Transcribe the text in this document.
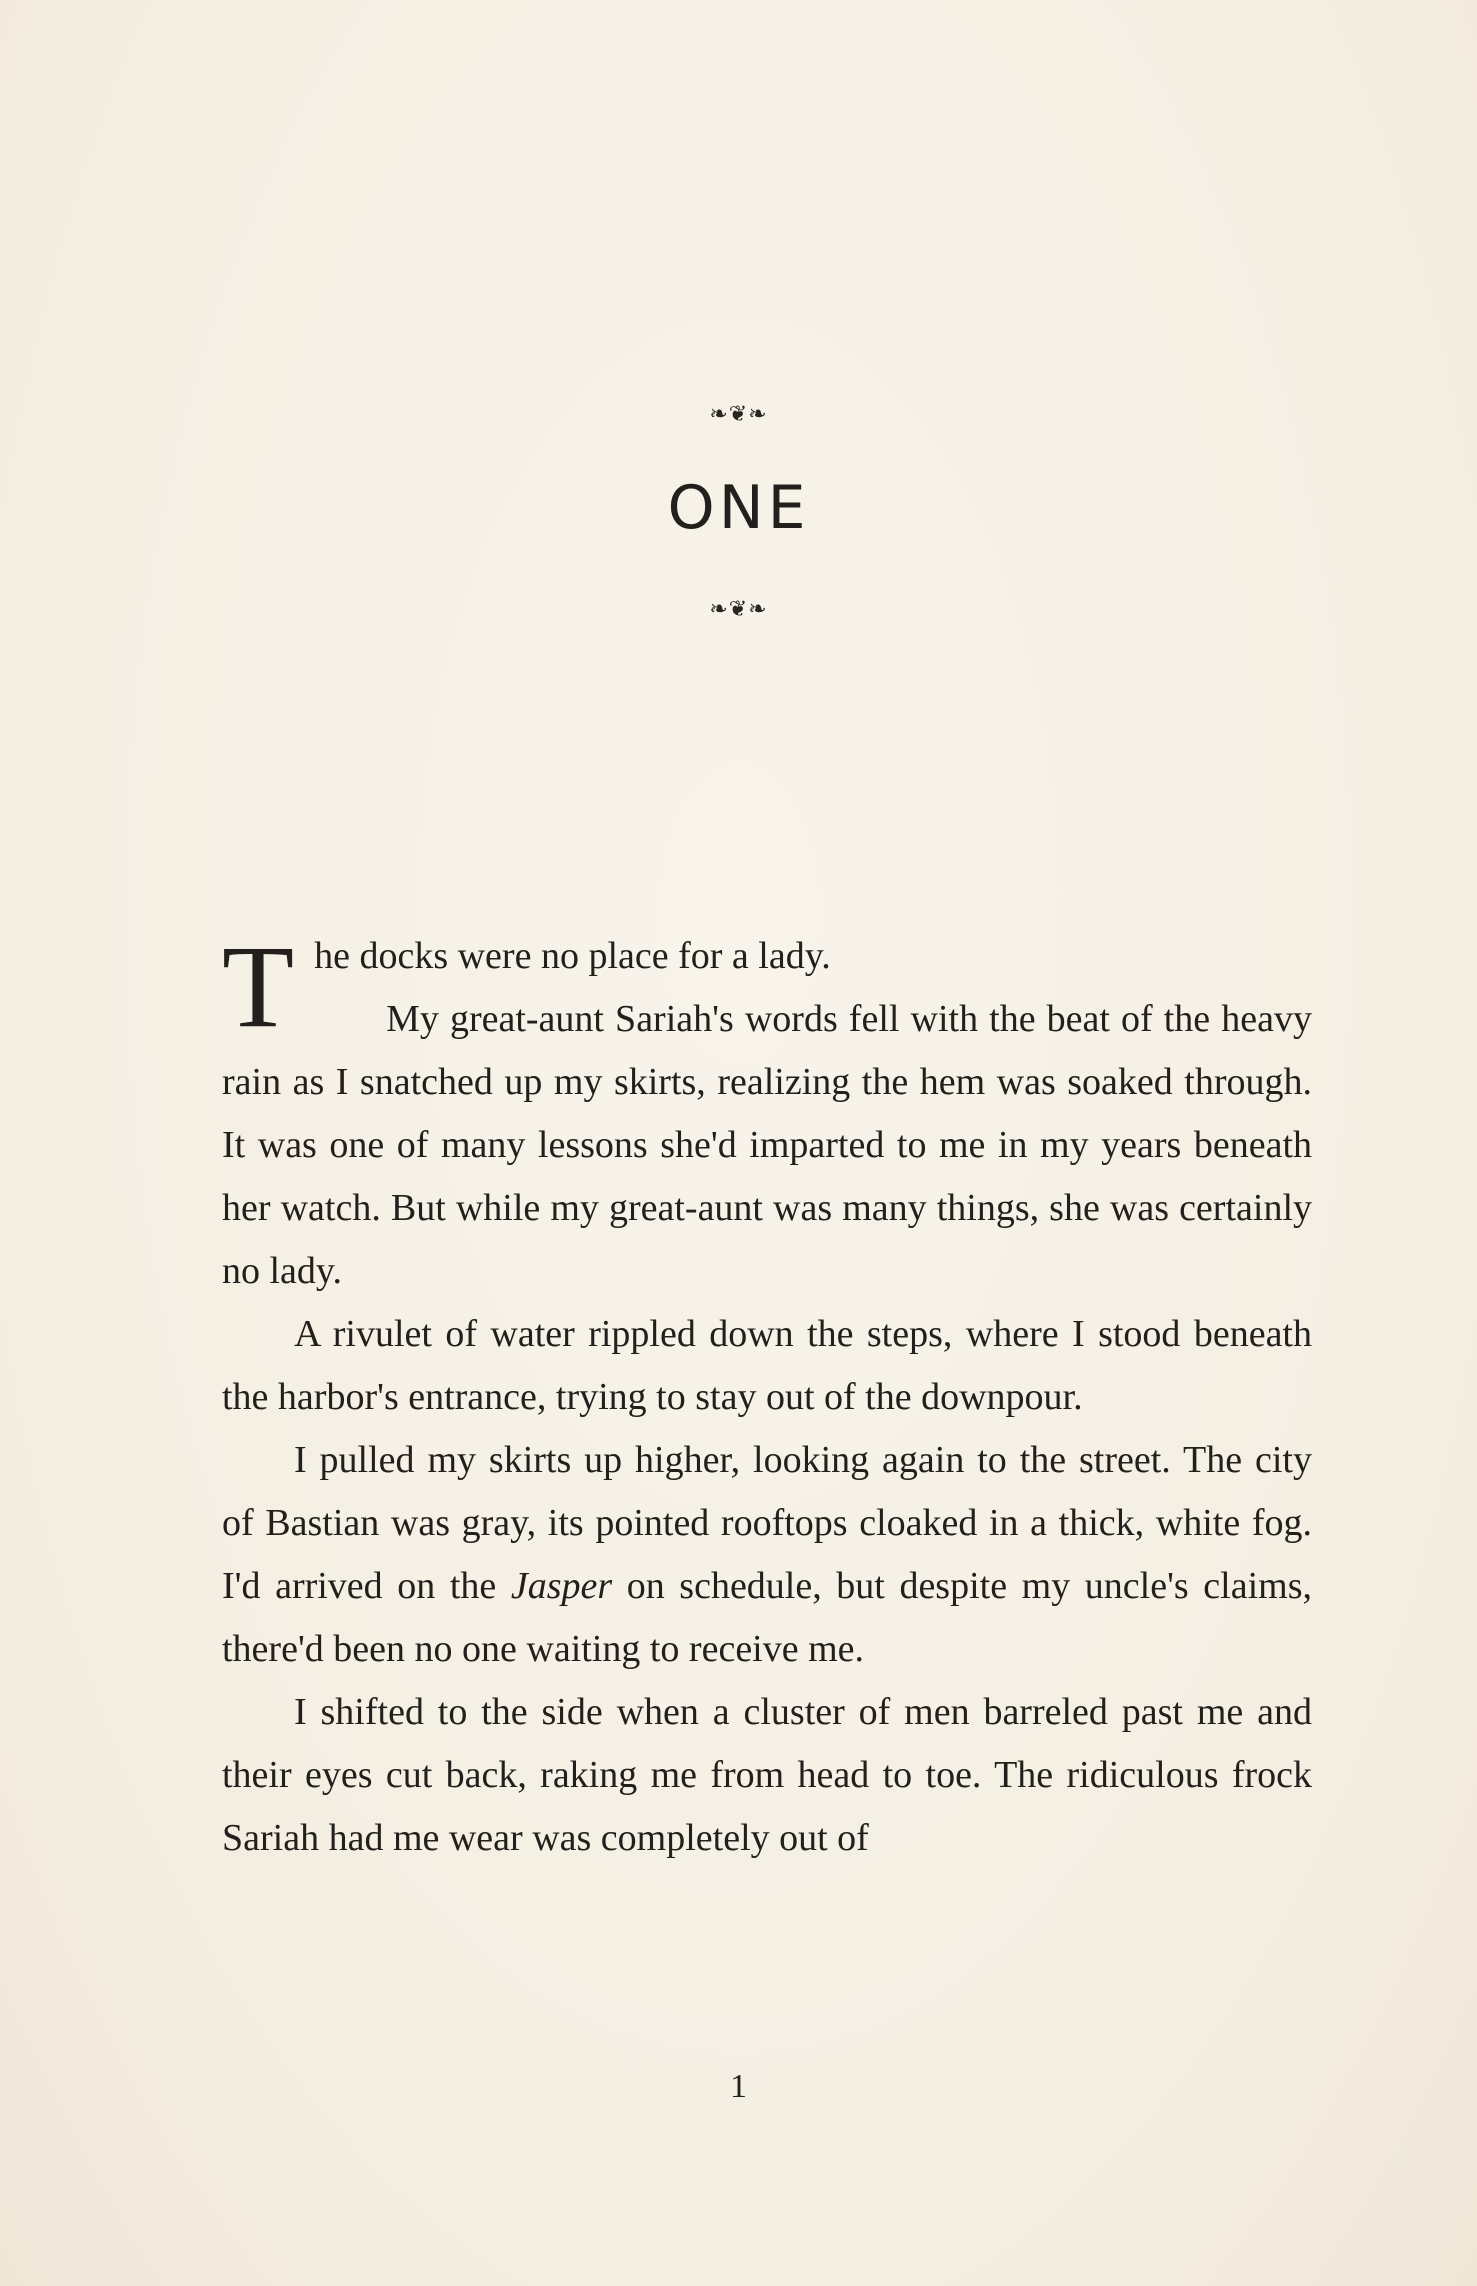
❧❦❧
ONE
❧❦❧

The docks were no place for a lady.

My great-aunt Sariah's words fell with the beat of the heavy rain as I snatched up my skirts, realizing the hem was soaked through. It was one of many lessons she'd imparted to me in my years beneath her watch. But while my great-aunt was many things, she was certainly no lady.

A rivulet of water rippled down the steps, where I stood beneath the harbor's entrance, trying to stay out of the downpour.

I pulled my skirts up higher, looking again to the street. The city of Bastian was gray, its pointed rooftops cloaked in a thick, white fog. I'd arrived on the Jasper on schedule, but despite my uncle's claims, there'd been no one waiting to receive me.

I shifted to the side when a cluster of men barreled past me and their eyes cut back, raking me from head to toe. The ridiculous frock Sariah had me wear was completely out of

1
